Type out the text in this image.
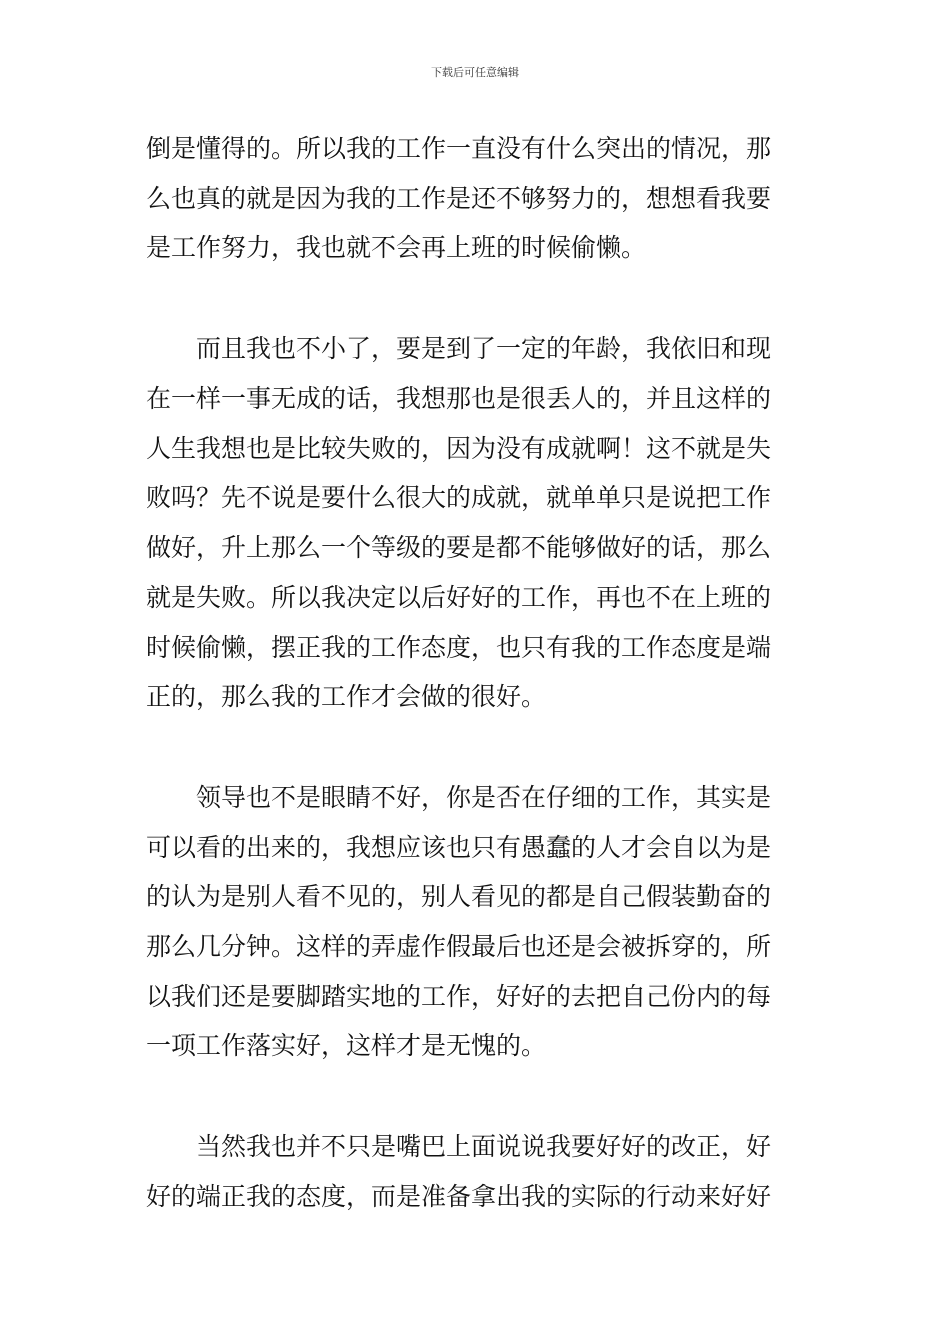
下载后可任意编辑
倒是懂得的。所以我的工作一直没有什么突出的情况，那
么也真的就是因为我的工作是还不够努力的，想想看我要
是工作努力，我也就不会再上班的时候偷懒。
　　而且我也不小了，要是到了一定的年龄，我依旧和现
在一样一事无成的话，我想那也是很丢人的，并且这样的
人生我想也是比较失败的，因为没有成就啊！这不就是失
败吗？先不说是要什么很大的成就，就单单只是说把工作
做好，升上那么一个等级的要是都不能够做好的话，那么
就是失败。所以我决定以后好好的工作，再也不在上班的
时候偷懒，摆正我的工作态度，也只有我的工作态度是端
正的，那么我的工作才会做的很好。
　　领导也不是眼睛不好，你是否在仔细的工作，其实是
可以看的出来的，我想应该也只有愚蠢的人才会自以为是
的认为是别人看不见的，别人看见的都是自己假装勤奋的
那么几分钟。这样的弄虚作假最后也还是会被拆穿的，所
以我们还是要脚踏实地的工作，好好的去把自己份内的每
一项工作落实好，这样才是无愧的。
　　当然我也并不只是嘴巴上面说说我要好好的改正，好
好的端正我的态度，而是准备拿出我的实际的行动来好好
